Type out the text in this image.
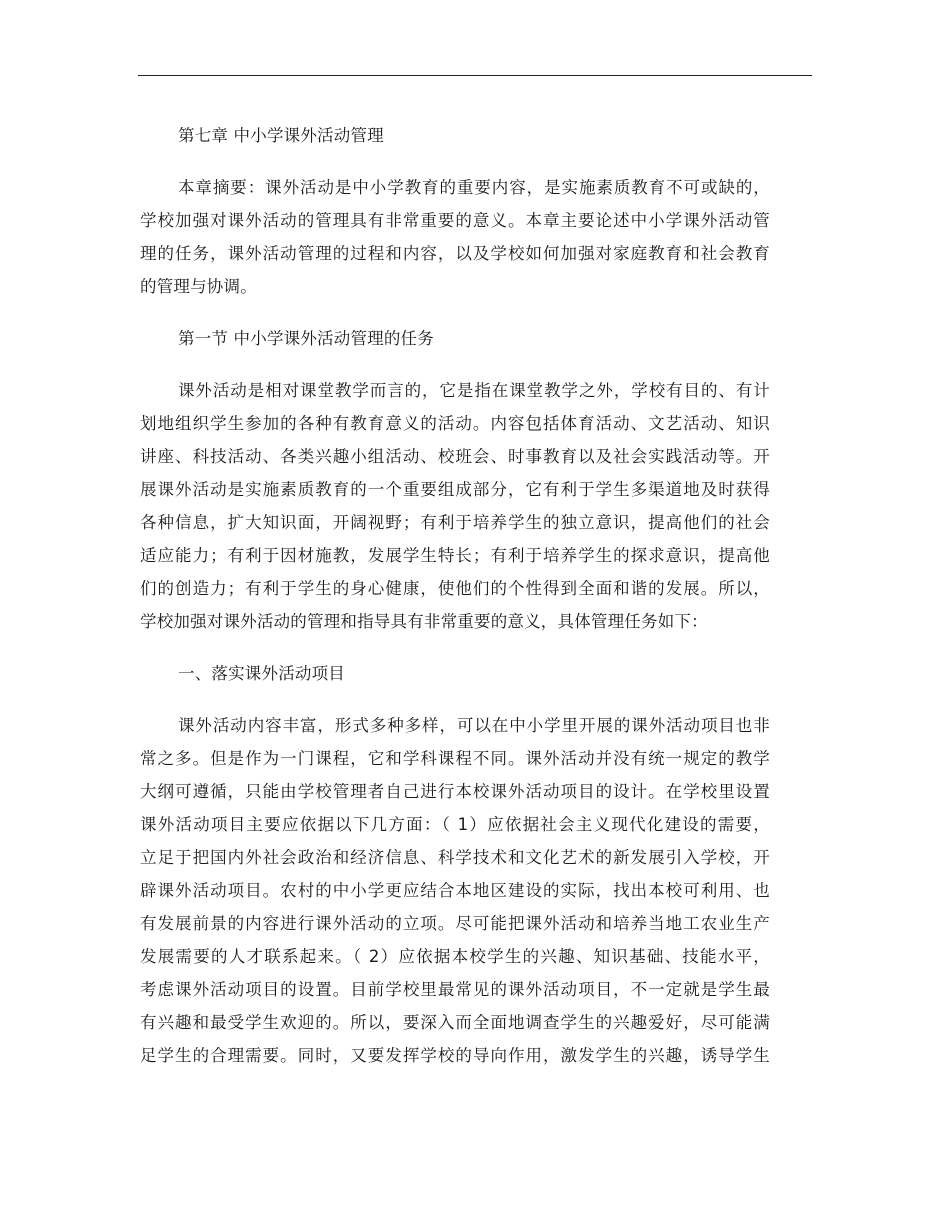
第七章 中小学课外活动管理
本章摘要：课外活动是中小学教育的重要内容，是实施素质教育不可或缺的，
学校加强对课外活动的管理具有非常重要的意义。本章主要论述中小学课外活动管
理的任务，课外活动管理的过程和内容，以及学校如何加强对家庭教育和社会教育
的管理与协调。
第一节 中小学课外活动管理的任务
课外活动是相对课堂教学而言的，它是指在课堂教学之外，学校有目的、有计
划地组织学生参加的各种有教育意义的活动。内容包括体育活动、文艺活动、知识
讲座、科技活动、各类兴趣小组活动、校班会、时事教育以及社会实践活动等。开
展课外活动是实施素质教育的一个重要组成部分，它有利于学生多渠道地及时获得
各种信息，扩大知识面，开阔视野；有利于培养学生的独立意识，提高他们的社会
适应能力；有利于因材施教，发展学生特长；有利于培养学生的探求意识，提高他
们的创造力；有利于学生的身心健康，使他们的个性得到全面和谐的发展。所以，
学校加强对课外活动的管理和指导具有非常重要的意义，具体管理任务如下：
一、落实课外活动项目
课外活动内容丰富，形式多种多样，可以在中小学里开展的课外活动项目也非
常之多。但是作为一门课程，它和学科课程不同。课外活动并没有统一规定的教学
大纲可遵循，只能由学校管理者自己进行本校课外活动项目的设计。在学校里设置
课外活动项目主要应依据以下几方面：（ 1）应依据社会主义现代化建设的需要，
立足于把国内外社会政治和经济信息、科学技术和文化艺术的新发展引入学校，开
辟课外活动项目。农村的中小学更应结合本地区建设的实际，找出本校可利用、也
有发展前景的内容进行课外活动的立项。尽可能把课外活动和培养当地工农业生产
发展需要的人才联系起来。（ 2）应依据本校学生的兴趣、知识基础、技能水平，
考虑课外活动项目的设置。目前学校里最常见的课外活动项目，不一定就是学生最
有兴趣和最受学生欢迎的。所以，要深入而全面地调查学生的兴趣爱好，尽可能满
足学生的合理需要。同时，又要发挥学校的导向作用，激发学生的兴趣，诱导学生
